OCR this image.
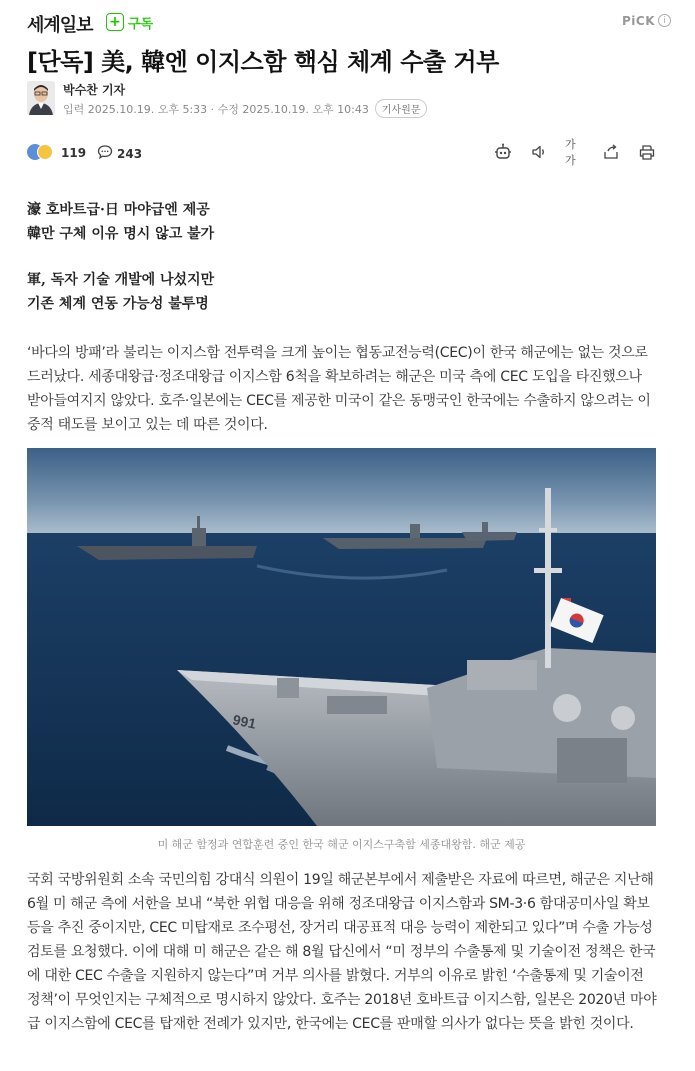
세계일보 + 구독	PiCK i
[단독] 美, 韓엔 이지스함 핵심 체계 수출 거부
박수찬 기자
입력 2025.10.19. 오후 5:33 · 수정 2025.10.19. 오후 10:43	기사원문
119	243
가가
濠 호바트급·日 마야급엔 제공
韓만 구체 이유 명시 않고 불가
軍, 독자 기술 개발에 나섰지만
기존 체계 연동 가능성 불투명

‘바다의 방패’라 불리는 이지스함 전투력을 크게 높이는 협동교전능력(CEC)이 한국 해군에는 없는 것으로 드러났다. 세종대왕급·정조대왕급 이지스함 6척을 확보하려는 해군은 미국 측에 CEC 도입을 타진했으나 받아들여지지 않았다. 호주·일본에는 CEC를 제공한 미국이 같은 동맹국인 한국에는 수출하지 않으려는 이중적 태도를 보이고 있는 데 따른 것이다.

991
미 해군 함정과 연합훈련 중인 한국 해군 이지스구축함 세종대왕함. 해군 제공

국회 국방위원회 소속 국민의힘 강대식 의원이 19일 해군본부에서 제출받은 자료에 따르면, 해군은 지난해 6월 미 해군 측에 서한을 보내 “북한 위협 대응을 위해 정조대왕급 이지스함과 SM-3·6 함대공미사일 확보 등을 추진 중이지만, CEC 미탑재로 조수평선, 장거리 대공표적 대응 능력이 제한되고 있다”며 수출 가능성 검토를 요청했다. 이에 대해 미 해군은 같은 해 8월 답신에서 “미 정부의 수출통제 및 기술이전 정책은 한국에 대한 CEC 수출을 지원하지 않는다”며 거부 의사를 밝혔다. 거부의 이유로 밝힌 ‘수출통제 및 기술이전 정책’이 무엇인지는 구체적으로 명시하지 않았다. 호주는 2018년 호바트급 이지스함, 일본은 2020년 마야급 이지스함에 CEC를 탑재한 전례가 있지만, 한국에는 CEC를 판매할 의사가 없다는 뜻을 밝힌 것이다.
